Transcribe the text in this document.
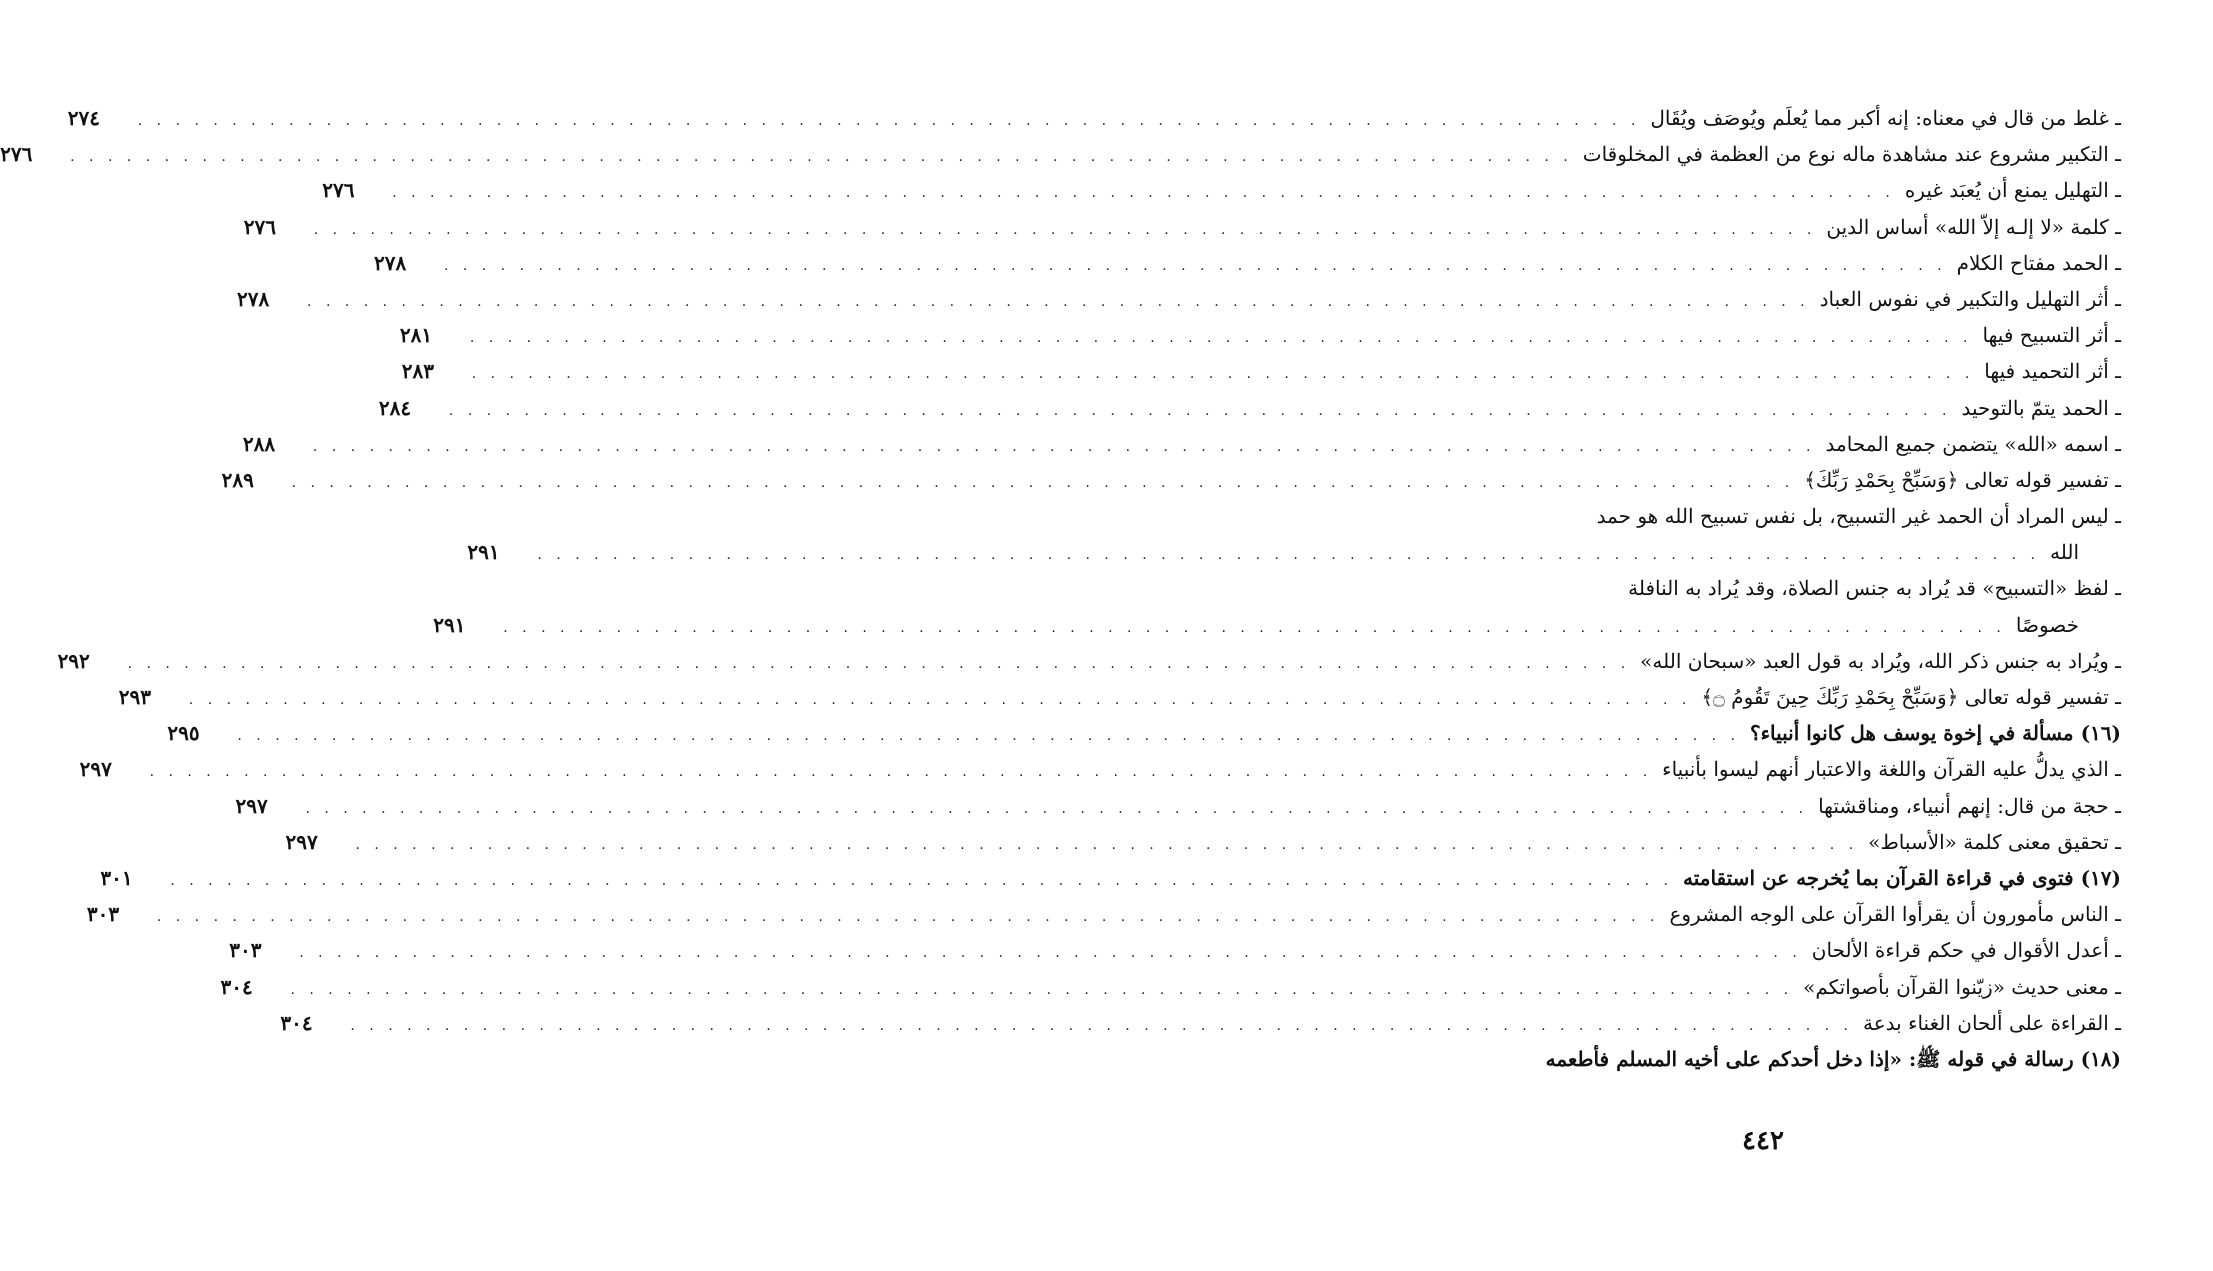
ـ غلط من قال في معناه: إنه أكبر مما يُعلَم ويُوصَف ويُقَال
. . . . . . . . . . . . . . . . . . . . . . . . . . . . . . . . . . . . . . . . . . . . . . . . . . . . . . . . . . . . . . . . . . . . . . . . . . . . . . . .
٢٧٤
ـ التكبير مشروع عند مشاهدة ماله نوع من العظمة في المخلوقات
. . . . . . . . . . . . . . . . . . . . . . . . . . . . . . . . . . . . . . . . . . . . . . . . . . . . . . . . . . . . . . . . . . . . . . . . . . . . . . . .
٢٧٦
ـ التهليل يمنع أن يُعبَد غيره
. . . . . . . . . . . . . . . . . . . . . . . . . . . . . . . . . . . . . . . . . . . . . . . . . . . . . . . . . . . . . . . . . . . . . . . . . . . . . . . .
٢٧٦
ـ كلمة «لا إلـه إلاّ الله» أساس الدين
. . . . . . . . . . . . . . . . . . . . . . . . . . . . . . . . . . . . . . . . . . . . . . . . . . . . . . . . . . . . . . . . . . . . . . . . . . . . . . . .
٢٧٦
ـ الحمد مفتاح الكلام
. . . . . . . . . . . . . . . . . . . . . . . . . . . . . . . . . . . . . . . . . . . . . . . . . . . . . . . . . . . . . . . . . . . . . . . . . . . . . . . .
٢٧٨
ـ أثر التهليل والتكبير في نفوس العباد
. . . . . . . . . . . . . . . . . . . . . . . . . . . . . . . . . . . . . . . . . . . . . . . . . . . . . . . . . . . . . . . . . . . . . . . . . . . . . . . .
٢٧٨
ـ أثر التسبيح فيها
. . . . . . . . . . . . . . . . . . . . . . . . . . . . . . . . . . . . . . . . . . . . . . . . . . . . . . . . . . . . . . . . . . . . . . . . . . . . . . . .
٢٨١
ـ أثر التحميد فيها
. . . . . . . . . . . . . . . . . . . . . . . . . . . . . . . . . . . . . . . . . . . . . . . . . . . . . . . . . . . . . . . . . . . . . . . . . . . . . . . .
٢٨٣
ـ الحمد يتمّ بالتوحيد
. . . . . . . . . . . . . . . . . . . . . . . . . . . . . . . . . . . . . . . . . . . . . . . . . . . . . . . . . . . . . . . . . . . . . . . . . . . . . . . .
٢٨٤
ـ اسمه «الله» يتضمن جميع المحامد
. . . . . . . . . . . . . . . . . . . . . . . . . . . . . . . . . . . . . . . . . . . . . . . . . . . . . . . . . . . . . . . . . . . . . . . . . . . . . . . .
٢٨٨
ـ تفسير قوله تعالى ﴿وَسَبِّحْ بِحَمْدِ رَبِّكَ﴾
. . . . . . . . . . . . . . . . . . . . . . . . . . . . . . . . . . . . . . . . . . . . . . . . . . . . . . . . . . . . . . . . . . . . . . . . . . . . . . . .
٢٨٩
ـ ليس المراد أن الحمد غير التسبيح، بل نفس تسبيح الله هو حمد
الله
. . . . . . . . . . . . . . . . . . . . . . . . . . . . . . . . . . . . . . . . . . . . . . . . . . . . . . . . . . . . . . . . . . . . . . . . . . . . . . . .
٢٩١
ـ لفظ «التسبيح» قد يُراد به جنس الصلاة، وقد يُراد به النافلة
خصوصًا
. . . . . . . . . . . . . . . . . . . . . . . . . . . . . . . . . . . . . . . . . . . . . . . . . . . . . . . . . . . . . . . . . . . . . . . . . . . . . . . .
٢٩١
ـ ويُراد به جنس ذكر الله، ويُراد به قول العبد «سبحان الله»
. . . . . . . . . . . . . . . . . . . . . . . . . . . . . . . . . . . . . . . . . . . . . . . . . . . . . . . . . . . . . . . . . . . . . . . . . . . . . . . .
٢٩٢
ـ تفسير قوله تعالى ﴿وَسَبِّحْ بِحَمْدِ رَبِّكَ حِينَ تَقُومُ ۝﴾
. . . . . . . . . . . . . . . . . . . . . . . . . . . . . . . . . . . . . . . . . . . . . . . . . . . . . . . . . . . . . . . . . . . . . . . . . . . . . . . .
٢٩٣
(١٦) مسألة في إخوة يوسف هل كانوا أنبياء؟
. . . . . . . . . . . . . . . . . . . . . . . . . . . . . . . . . . . . . . . . . . . . . . . . . . . . . . . . . . . . . . . . . . . . . . . . . . . . . . . .
٢٩٥
ـ الذي يدلُّ عليه القرآن واللغة والاعتبار أنهم ليسوا بأنبياء
. . . . . . . . . . . . . . . . . . . . . . . . . . . . . . . . . . . . . . . . . . . . . . . . . . . . . . . . . . . . . . . . . . . . . . . . . . . . . . . .
٢٩٧
ـ حجة من قال: إنهم أنبياء، ومناقشتها
. . . . . . . . . . . . . . . . . . . . . . . . . . . . . . . . . . . . . . . . . . . . . . . . . . . . . . . . . . . . . . . . . . . . . . . . . . . . . . . .
٢٩٧
ـ تحقيق معنى كلمة «الأسباط»
. . . . . . . . . . . . . . . . . . . . . . . . . . . . . . . . . . . . . . . . . . . . . . . . . . . . . . . . . . . . . . . . . . . . . . . . . . . . . . . .
٢٩٧
(١٧) فتوى في قراءة القرآن بما يُخرجه عن استقامته
. . . . . . . . . . . . . . . . . . . . . . . . . . . . . . . . . . . . . . . . . . . . . . . . . . . . . . . . . . . . . . . . . . . . . . . . . . . . . . . .
٣٠١
ـ الناس مأمورون أن يقرأوا القرآن على الوجه المشروع
. . . . . . . . . . . . . . . . . . . . . . . . . . . . . . . . . . . . . . . . . . . . . . . . . . . . . . . . . . . . . . . . . . . . . . . . . . . . . . . .
٣٠٣
ـ أعدل الأقوال في حكم قراءة الألحان
. . . . . . . . . . . . . . . . . . . . . . . . . . . . . . . . . . . . . . . . . . . . . . . . . . . . . . . . . . . . . . . . . . . . . . . . . . . . . . . .
٣٠٣
ـ معنى حديث «زيّنوا القرآن بأصواتكم»
. . . . . . . . . . . . . . . . . . . . . . . . . . . . . . . . . . . . . . . . . . . . . . . . . . . . . . . . . . . . . . . . . . . . . . . . . . . . . . . .
٣٠٤
ـ القراءة على ألحان الغناء بدعة
. . . . . . . . . . . . . . . . . . . . . . . . . . . . . . . . . . . . . . . . . . . . . . . . . . . . . . . . . . . . . . . . . . . . . . . . . . . . . . . .
٣٠٤
(١٨) رسالة في قوله ﷺ: «إذا دخل أحدكم على أخيه المسلم فأطعمه
٤٤٢
